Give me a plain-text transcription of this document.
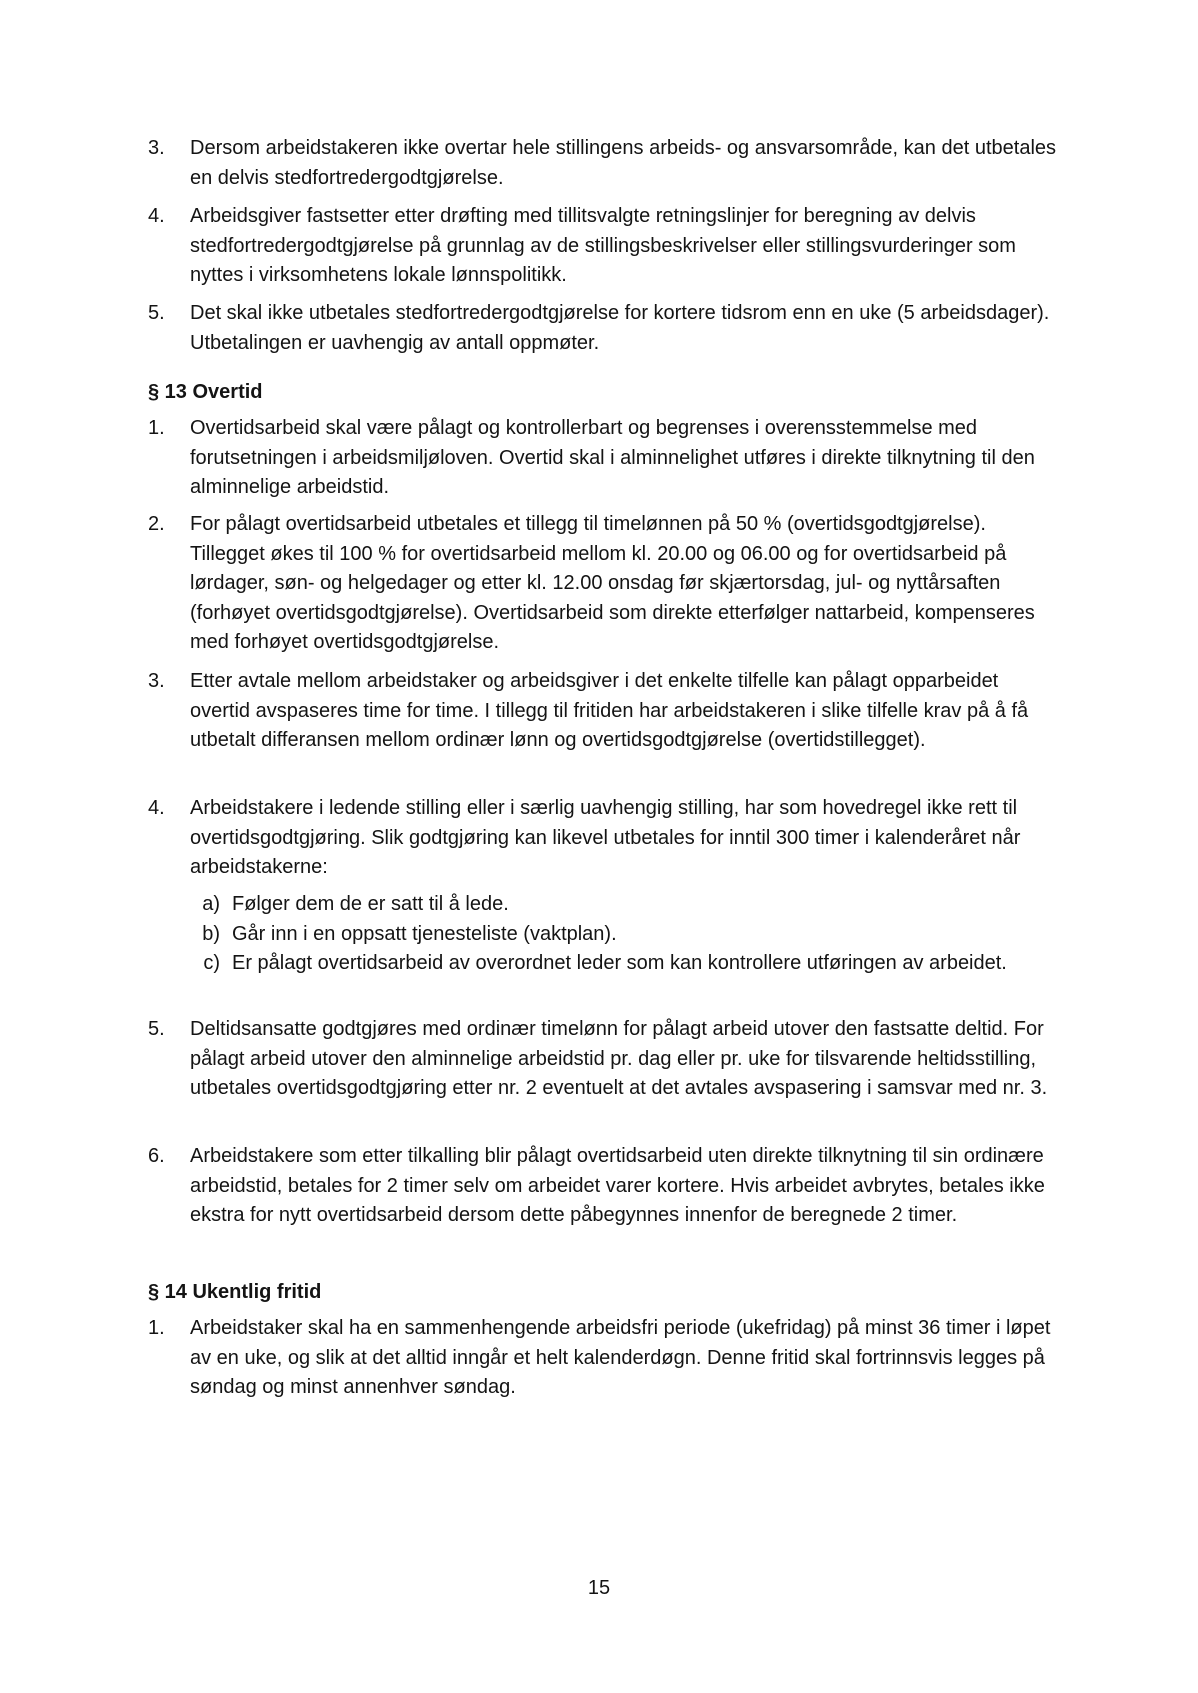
3.	Dersom arbeidstakeren ikke overtar hele stillingens arbeids- og ansvarsområde, kan det utbetales en delvis stedfortredergodtgjørelse.

4.	Arbeidsgiver fastsetter etter drøfting med tillitsvalgte retningslinjer for beregning av delvis stedfortredergodtgjørelse på grunnlag av de stillingsbeskrivelser eller stillingsvurderinger som nyttes i virksomhetens lokale lønnspolitikk.

5.	Det skal ikke utbetales stedfortredergodtgjørelse for kortere tidsrom enn en uke (5 arbeidsdager). Utbetalingen er uavhengig av antall oppmøter.

§ 13 Overtid
1.	Overtidsarbeid skal være pålagt og kontrollerbart og begrenses i overensstemmelse med forutsetningen i arbeidsmiljøloven. Overtid skal i alminnelighet utføres i direkte tilknytning til den alminnelige arbeidstid.

2.	For pålagt overtidsarbeid utbetales et tillegg til timelønnen på 50 % (overtidsgodtgjørelse). Tillegget økes til 100 % for overtidsarbeid mellom kl. 20.00 og 06.00 og for overtidsarbeid på lørdager, søn- og helgedager og etter kl. 12.00 onsdag før skjærtorsdag, jul- og nyttårsaften (forhøyet overtidsgodtgjørelse). Overtidsarbeid som direkte etterfølger nattarbeid, kompenseres med forhøyet overtidsgodtgjørelse.

3.	Etter avtale mellom arbeidstaker og arbeidsgiver i det enkelte tilfelle kan pålagt opparbeidet overtid avspaseres time for time. I tillegg til fritiden har arbeidstakeren i slike tilfelle krav på å få utbetalt differansen mellom ordinær lønn og overtidsgodtgjørelse (overtidstillegget).

4.	Arbeidstakere i ledende stilling eller i særlig uavhengig stilling, har som hovedregel ikke rett til overtidsgodtgjøring. Slik godtgjøring kan likevel utbetales for inntil 300 timer i kalenderåret når arbeidstakerne:

a) Følger dem de er satt til å lede.

b) Går inn i en oppsatt tjenesteliste (vaktplan).

c) Er pålagt overtidsarbeid av overordnet leder som kan kontrollere utføringen av arbeidet.

5.	Deltidsansatte godtgjøres med ordinær timelønn for pålagt arbeid utover den fastsatte deltid. For pålagt arbeid utover den alminnelige arbeidstid pr. dag eller pr. uke for tilsvarende heltidsstilling, utbetales overtidsgodtgjøring etter nr. 2 eventuelt at det avtales avspasering i samsvar med nr. 3.

6.	Arbeidstakere som etter tilkalling blir pålagt overtidsarbeid uten direkte tilknytning til sin ordinære arbeidstid, betales for 2 timer selv om arbeidet varer kortere. Hvis arbeidet avbrytes, betales ikke ekstra for nytt overtidsarbeid dersom dette påbegynnes innenfor de beregnede 2 timer.

§ 14 Ukentlig fritid
1.	Arbeidstaker skal ha en sammenhengende arbeidsfri periode (ukefridag) på minst 36 timer i løpet av en uke, og slik at det alltid inngår et helt kalenderdøgn. Denne fritid skal fortrinnsvis legges på søndag og minst annenhver søndag.

15
